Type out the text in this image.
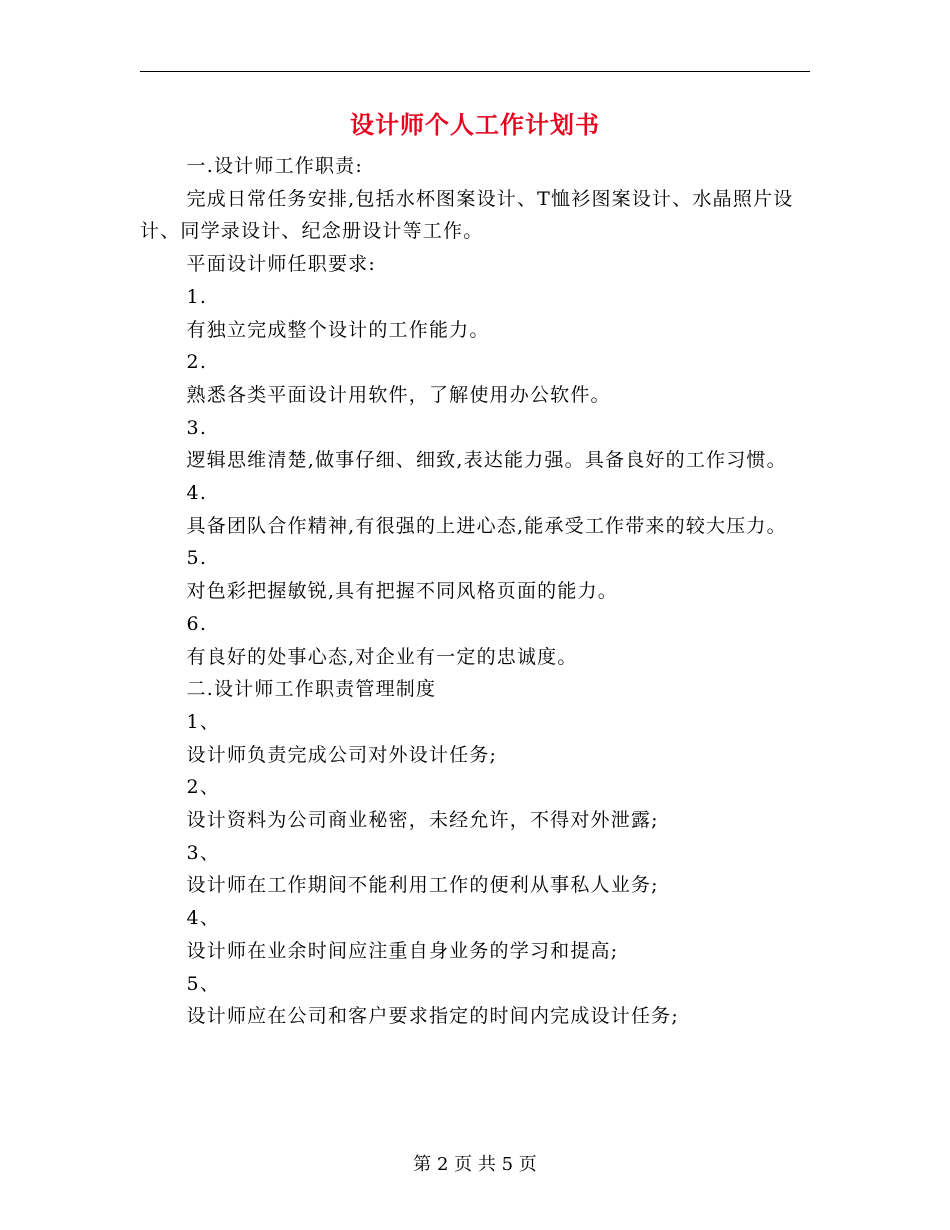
设计师个人工作计划书

一.设计师工作职责:

完成日常任务安排,包括水杯图案设计、T恤衫图案设计、水晶照片设计、同学录设计、纪念册设计等工作。

平面设计师任职要求:

1.

有独立完成整个设计的工作能力。

2.

熟悉各类平面设计用软件，了解使用办公软件。

3.

逻辑思维清楚,做事仔细、细致,表达能力强。具备良好的工作习惯。

4.

具备团队合作精神,有很强的上进心态,能承受工作带来的较大压力。

5.

对色彩把握敏锐,具有把握不同风格页面的能力。

6.

有良好的处事心态,对企业有一定的忠诚度。

二.设计师工作职责管理制度

1、

设计师负责完成公司对外设计任务;

2、

设计资料为公司商业秘密，未经允许，不得对外泄露;

3、

设计师在工作期间不能利用工作的便利从事私人业务;

4、

设计师在业余时间应注重自身业务的学习和提高;

5、

设计师应在公司和客户要求指定的时间内完成设计任务;

第 2 页 共 5 页
